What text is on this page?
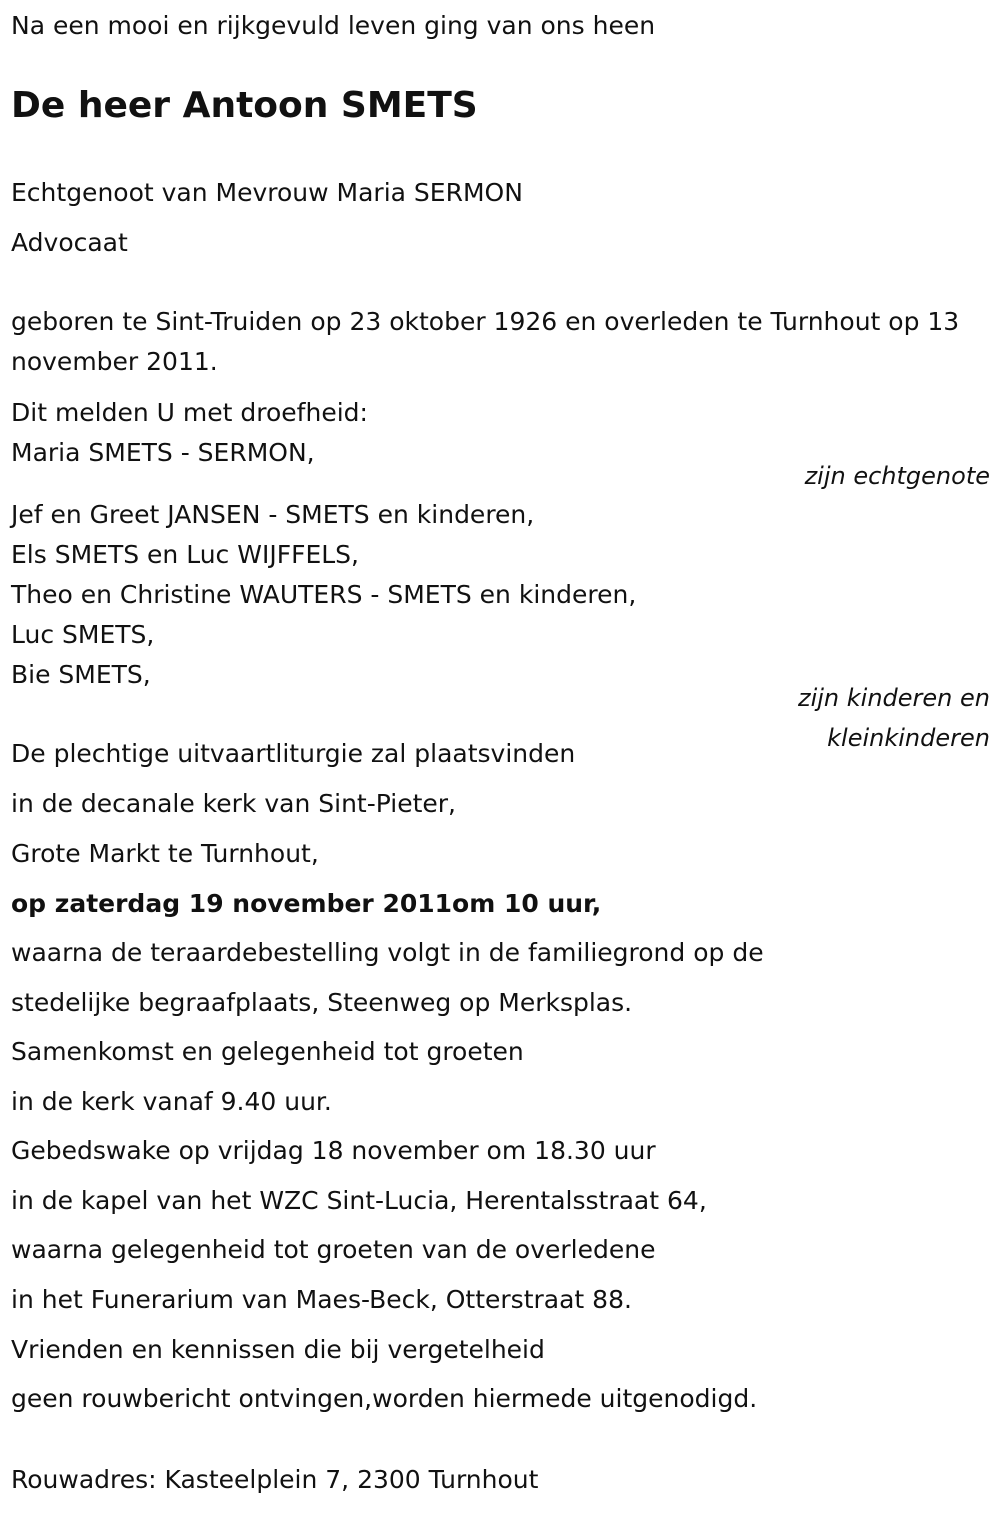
Na een mooi en rijkgevuld leven ging van ons heen

De heer Antoon SMETS

Echtgenoot van Mevrouw Maria SERMON

Advocaat

geboren te Sint-Truiden op 23 oktober 1926 en overleden te Turnhout op 13 november 2011.

Dit melden U met droefheid:

Maria SMETS - SERMON,

zijn echtgenote

Jef en Greet JANSEN - SMETS en kinderen,

Els SMETS en Luc WIJFFELS,

Theo en Christine WAUTERS - SMETS en kinderen,

Luc SMETS,

Bie SMETS,

zijn kinderen en
kleinkinderen

De plechtige uitvaartliturgie zal plaatsvinden

in de decanale kerk van Sint-Pieter,

Grote Markt te Turnhout,

op zaterdag 19 november 2011om 10 uur,

waarna de teraardebestelling volgt in de familiegrond op de

stedelijke begraafplaats, Steenweg op Merksplas.

Samenkomst en gelegenheid tot groeten

in de kerk vanaf 9.40 uur.

Gebedswake op vrijdag 18 november om 18.30 uur

in de kapel van het WZC Sint-Lucia, Herentalsstraat 64,

waarna gelegenheid tot groeten van de overledene

in het Funerarium van Maes-Beck, Otterstraat 88.

Vrienden en kennissen die bij vergetelheid

geen rouwbericht ontvingen,worden hiermede uitgenodigd.

Rouwadres: Kasteelplein 7, 2300 Turnhout
